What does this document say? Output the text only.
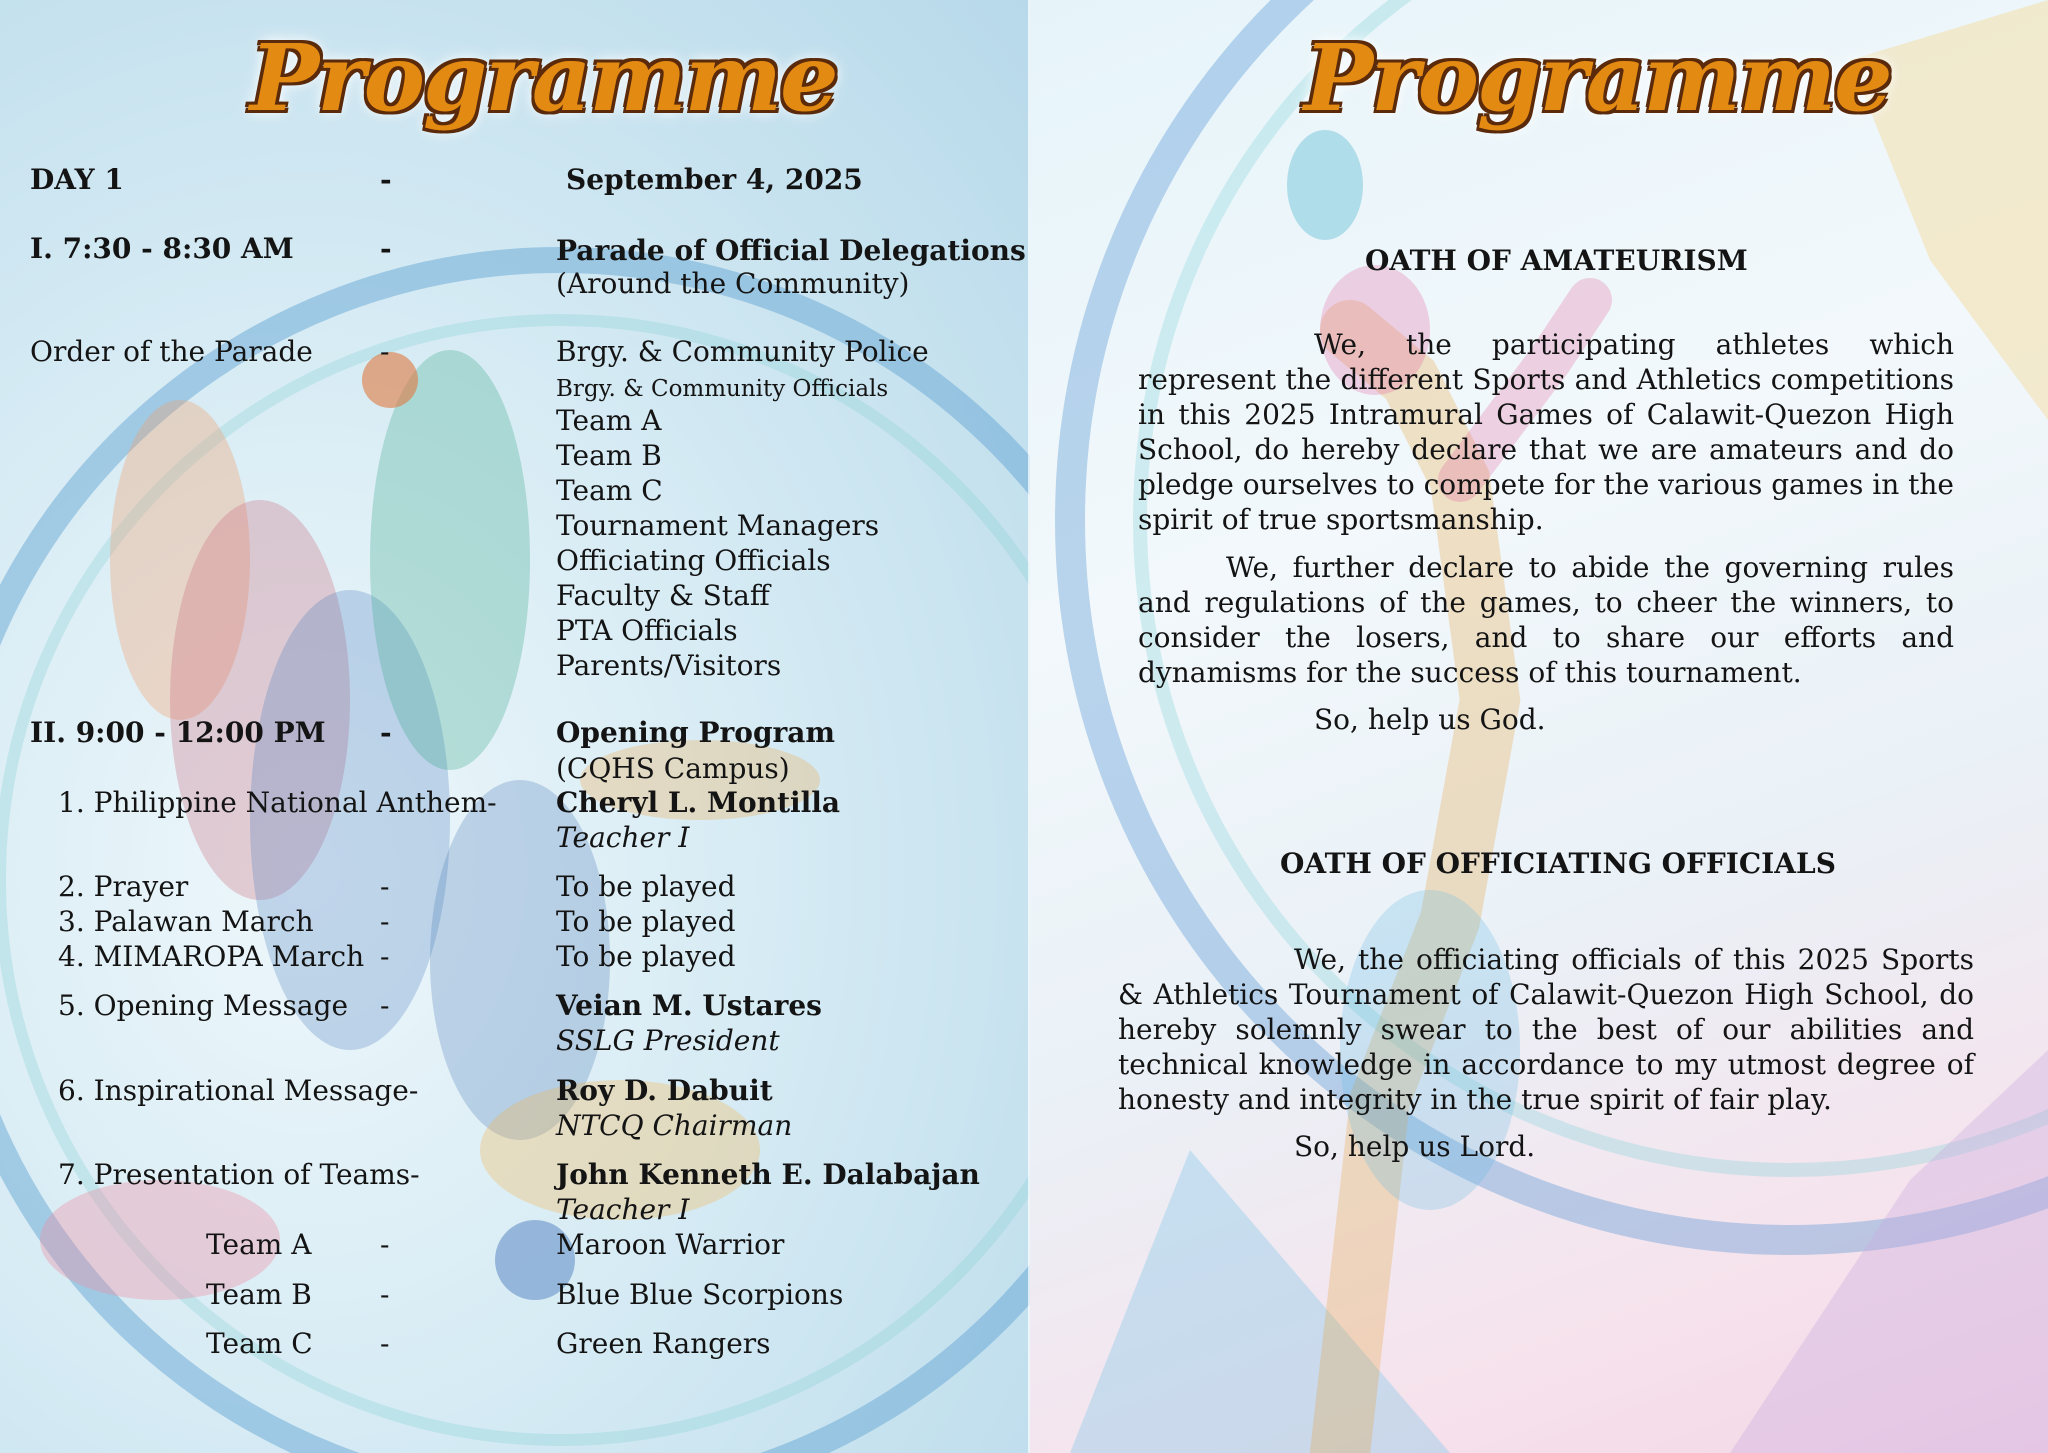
Programme
DAY 1	-	September 4, 2025
I. 7:30 - 8:30 AM	-	Parade of Official Delegations
(Around the Community)
Order of the Parade -	Brgy. & Community Police
Brgy. & Community Officials
Team A
Team B
Team C
Tournament Managers
Officiating Officials
Faculty & Staff
PTA Officials
Parents/Visitors
II. 9:00 - 12:00 PM -	Opening Program
(CQHS Campus)
1. Philippine National Anthem- Cheryl L. Montilla
Teacher I
2. Prayer	-	To be played
3. Palawan March -	To be played
4. MIMAROPA March -	To be played
5. Opening Message -	Veian M. Ustares
SSLG President
6. Inspirational Message-	Roy D. Dabuit
NTCQ Chairman
7. Presentation of Teams-	John Kenneth E. Dalabajan
Teacher I
Team A -	Maroon Warrior
Team B -	Blue Blue Scorpions
Team C -	Green Rangers
Programme
OATH OF AMATEURISM

We, the participating athletes which represent the different Sports and Athletics competitions in this 2025 Intramural Games of Calawit-Quezon High School, do hereby declare that we are amateurs and do pledge ourselves to compete for the various games in the spirit of true sportsmanship.

We, further declare to abide the governing rules and regulations of the games, to cheer the winners, to consider the losers, and to share our efforts and dynamisms for the success of this tournament.

So, help us God.

OATH OF OFFICIATING OFFICIALS

We, the officiating officials of this 2025 Sports & Athletics Tournament of Calawit-Quezon High School, do hereby solemnly swear to the best of our abilities and technical knowledge in accordance to my utmost degree of honesty and integrity in the true spirit of fair play.

So, help us Lord.
